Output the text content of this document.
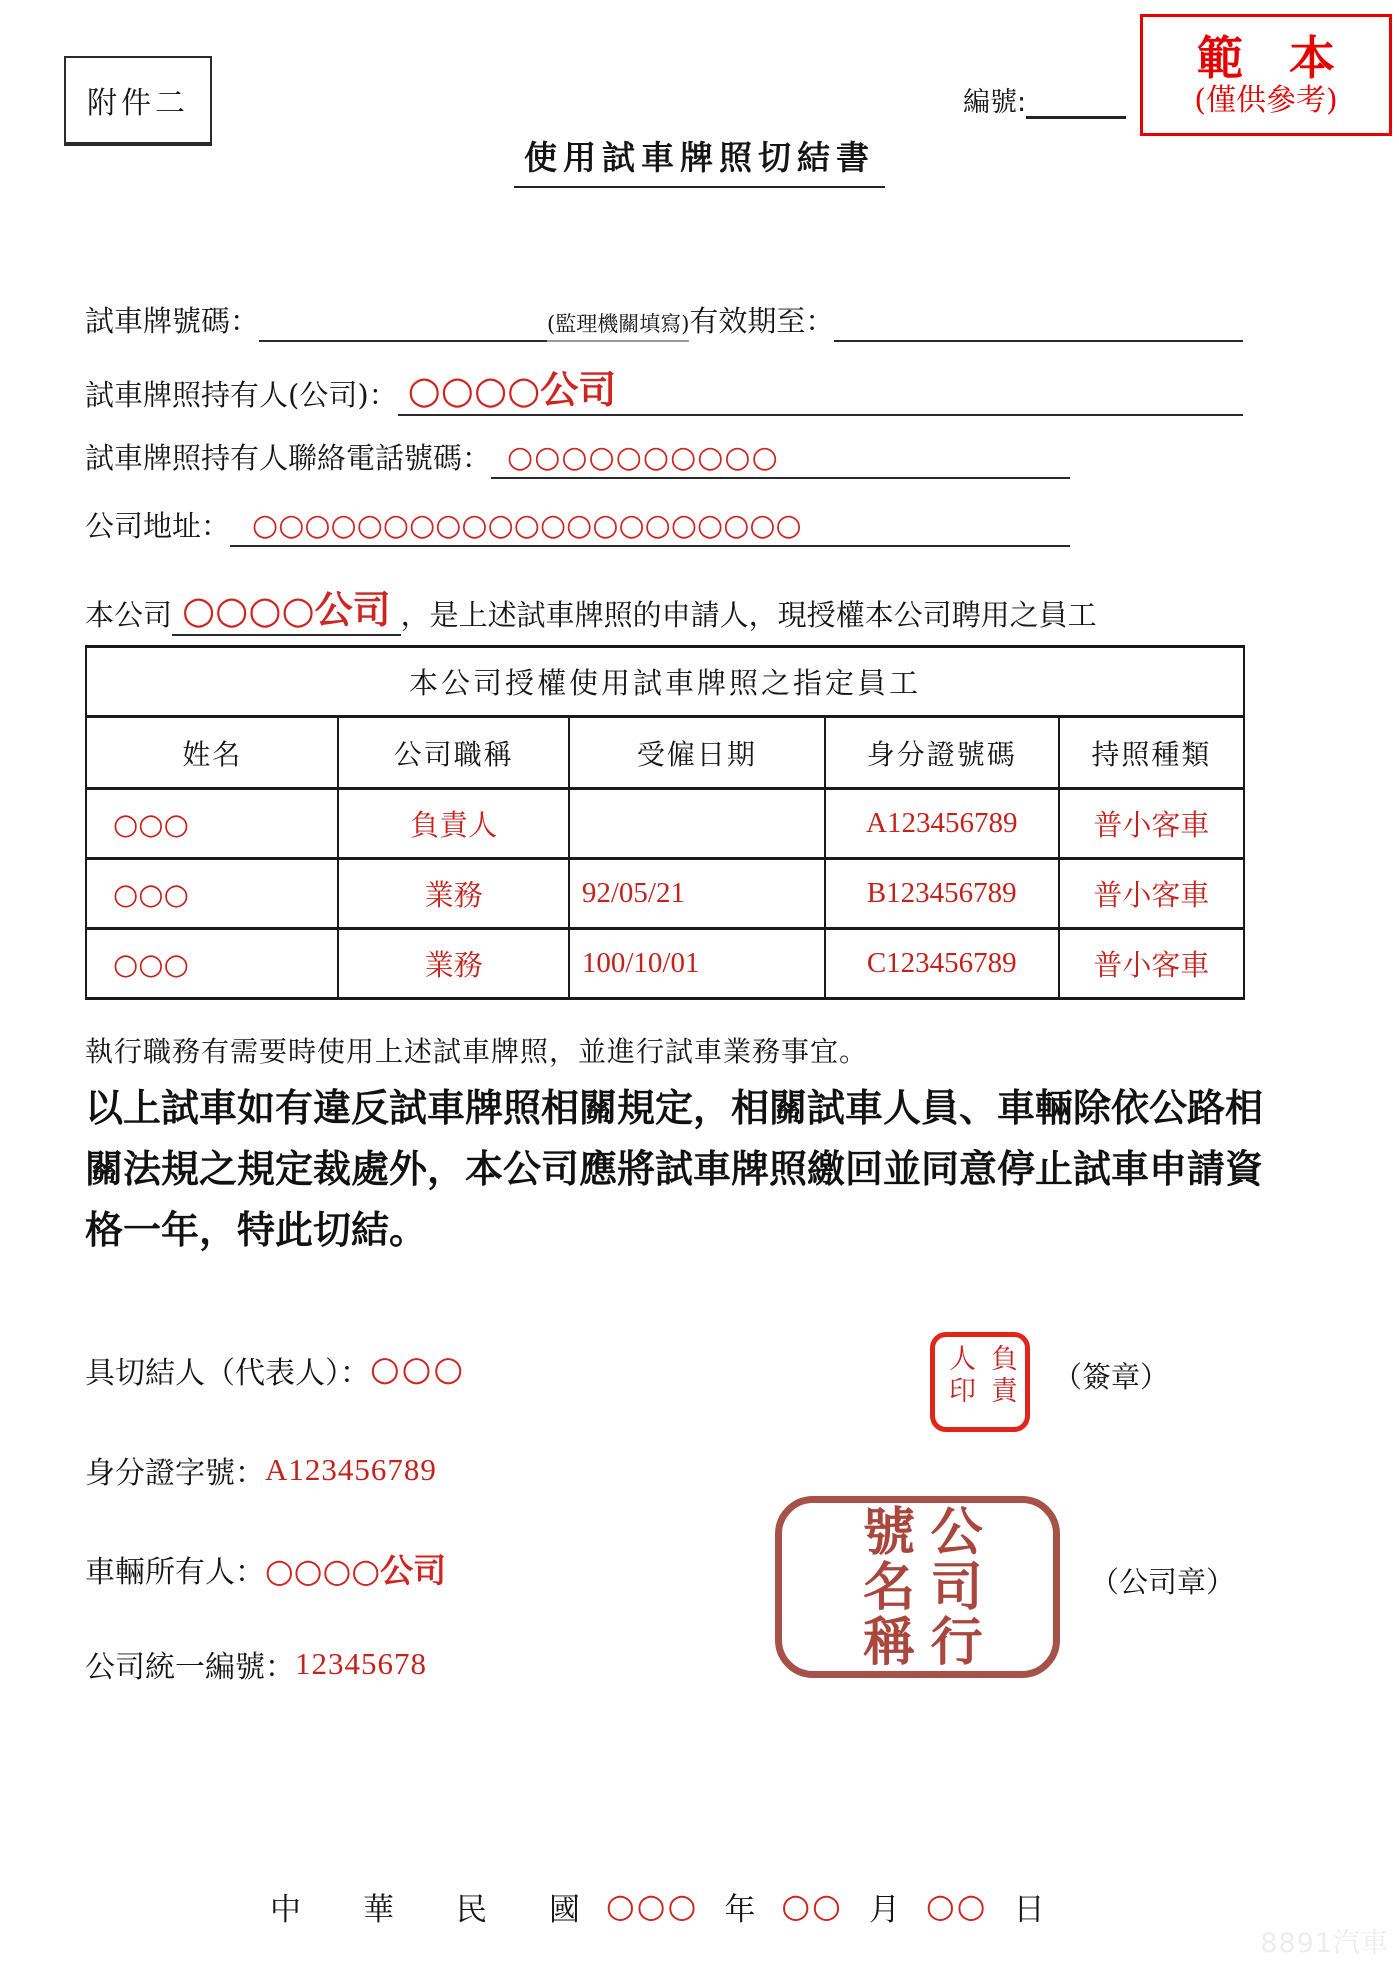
附件二	編號:
範　本
(僅供參考)
使用試車牌照切結書
試車牌號碼：	(監理機關填寫) 有效期至：
試車牌照持有人(公司)： ○○○○公司
試車牌照持有人聯絡電話號碼： ○○○○○○○○○○
公司地址： ○○○○○○○○○○○○○○○○○○○○○
本公司 ○○○○公司 ，是上述試車牌照的申請人，現授權本公司聘用之員工
本公司授權使用試車牌照之指定員工				
姓名	公司職稱	受僱日期	身分證號碼	持照種類
○○○	負責人		A123456789	普小客車
○○○	業務	92/05/21	B123456789	普小客車
○○○	業務	100/10/01	C123456789	普小客車
執行職務有需要時使用上述試車牌照，並進行試車業務事宜。
以上試車如有違反試車牌照相關規定，相關試車人員、車輛除依公路相關法規之規定裁處外，本公司應將試車牌照繳回並同意停止試車申請資格一年，特此切結。
具切結人（代表人）： ○○○	負責人印	（簽章）
身分證字號： A123456789
車輛所有人： ○○○○公司	公司行號名稱	（公司章）
公司統一編號： 12345678
中　　華　　民　　國 ○○○ 年 ○○ 月 ○○ 日
8891汽車
